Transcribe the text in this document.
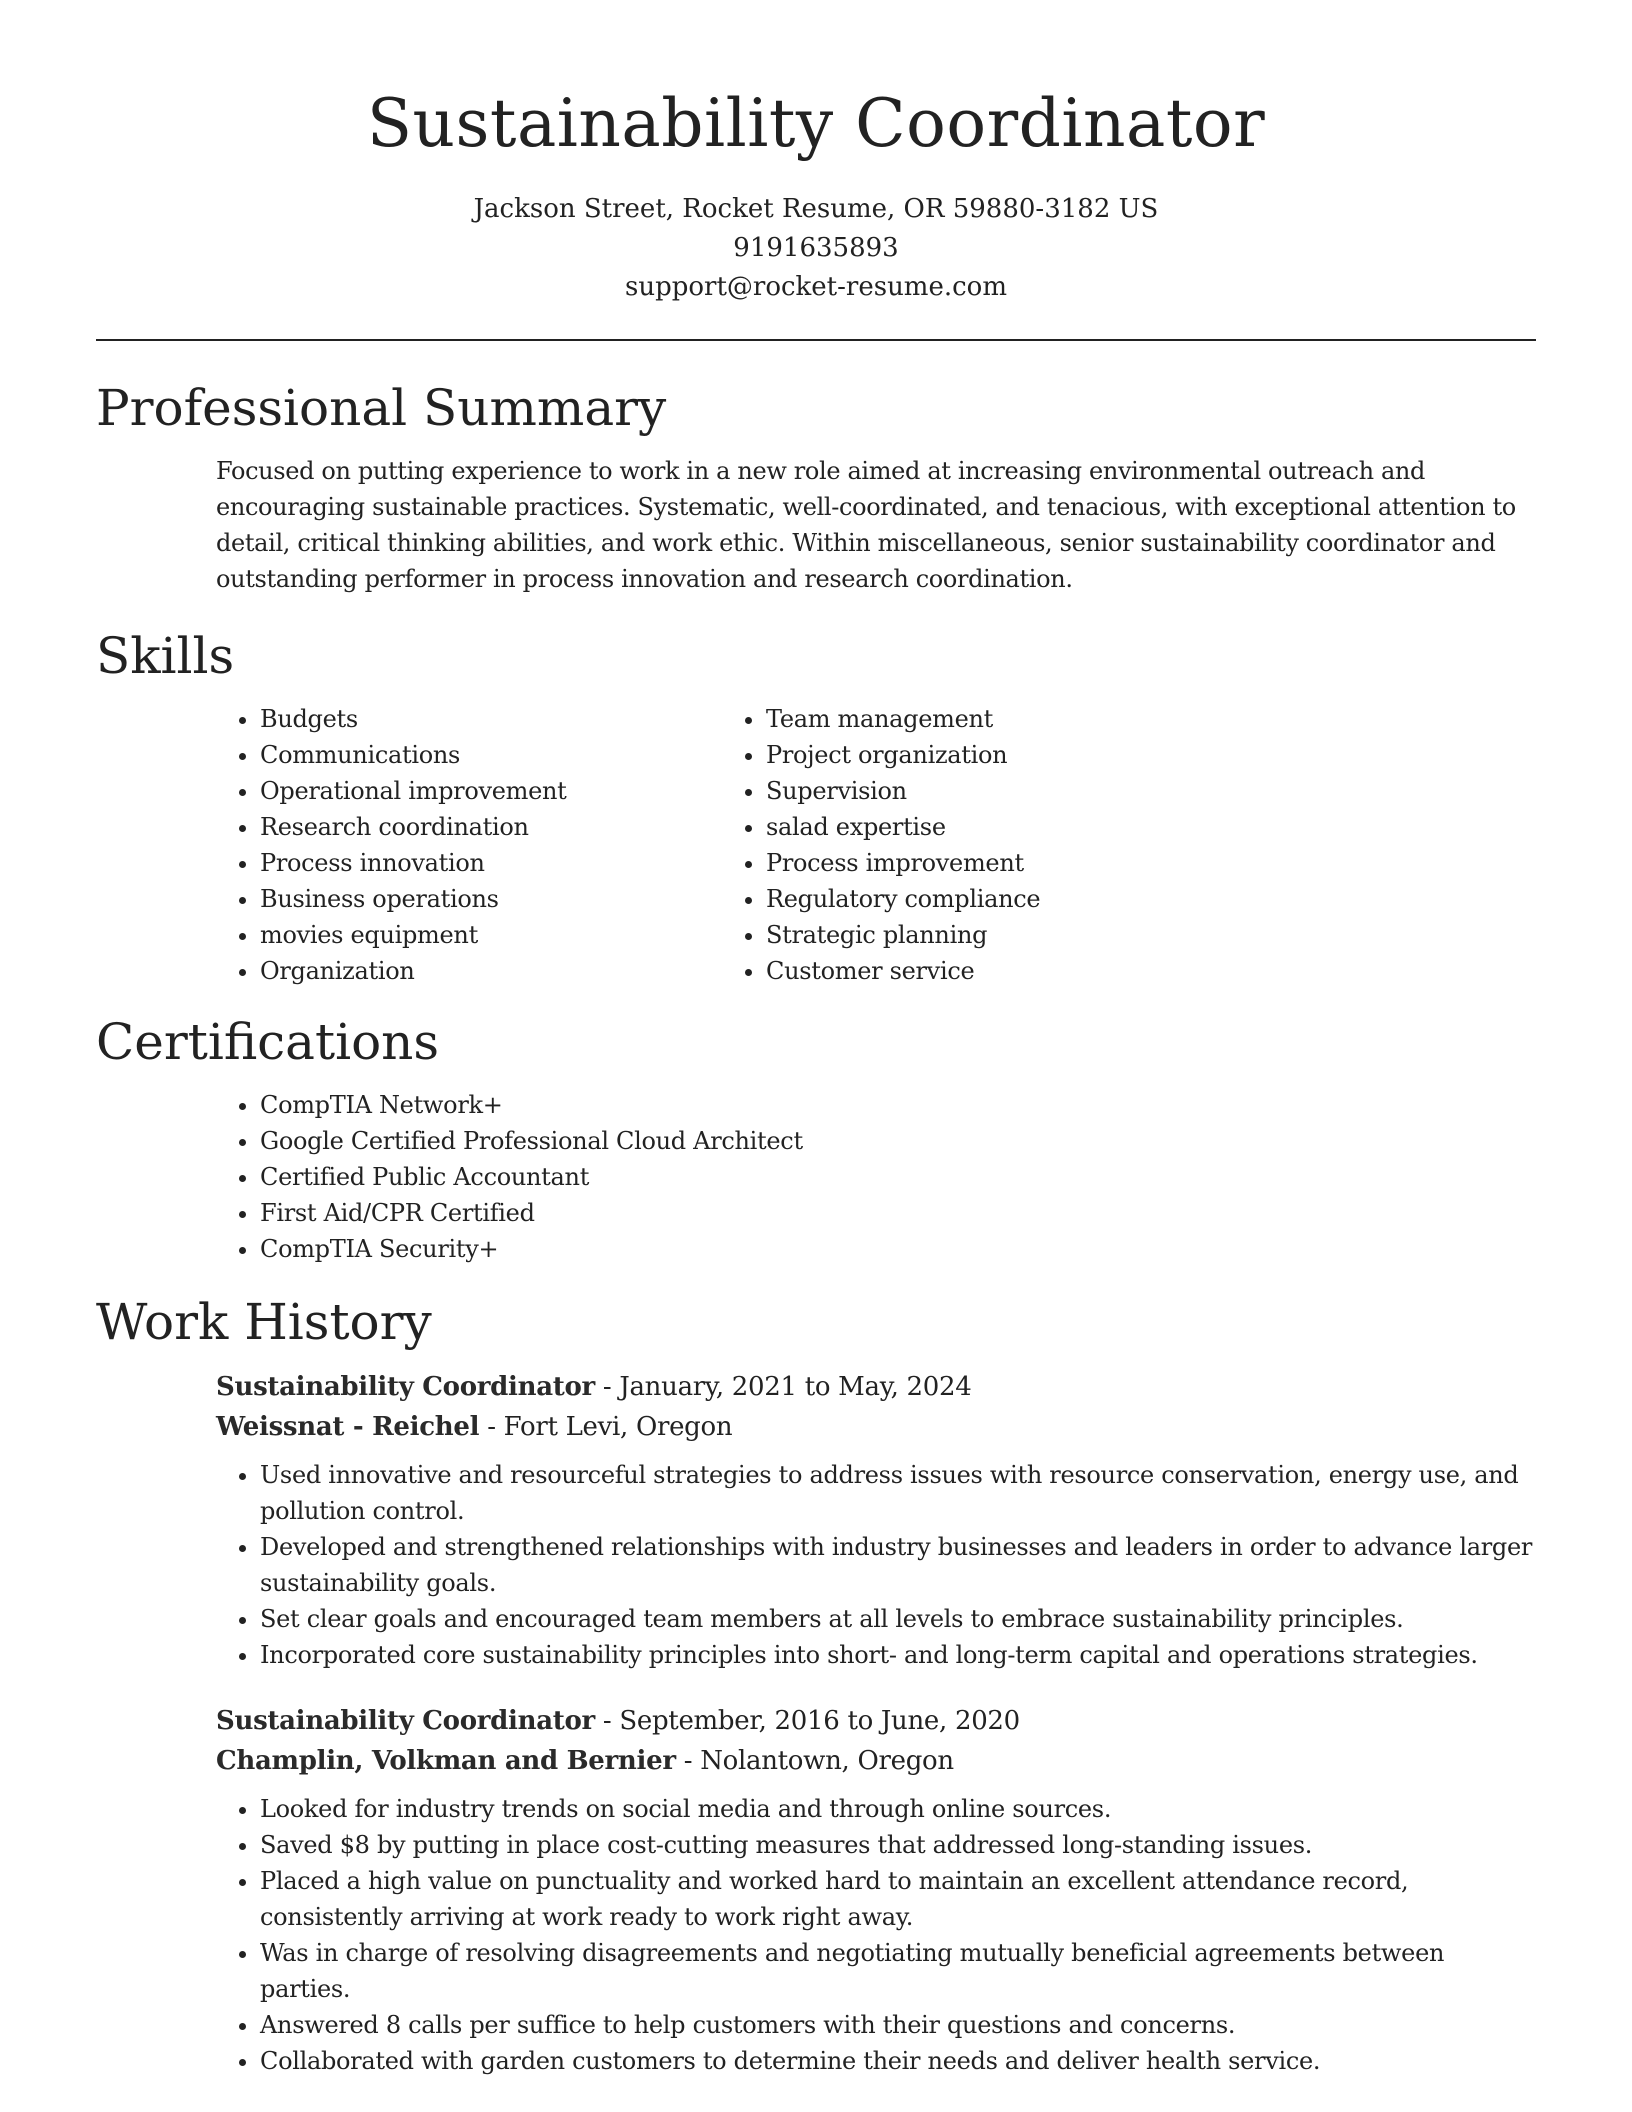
Sustainability Coordinator
Jackson Street, Rocket Resume, OR 59880-3182 US
9191635893
support@rocket-resume.com
Professional Summary

Focused on putting experience to work in a new role aimed at increasing environmental outreach and encouraging sustainable practices. Systematic, well-coordinated, and tenacious, with exceptional attention to detail, critical thinking abilities, and work ethic. Within miscellaneous, senior sustainability coordinator and outstanding performer in process innovation and research coordination.

Skills
• Budgets
• Communications
• Operational improvement
• Research coordination
• Process innovation
• Business operations
• movies equipment
• Organization
• Team management
• Project organization
• Supervision
• salad expertise
• Process improvement
• Regulatory compliance
• Strategic planning
• Customer service
Certifications
• CompTIA Network+
• Google Certified Professional Cloud Architect
• Certified Public Accountant
• First Aid/CPR Certified
• CompTIA Security+
Work History
Sustainability Coordinator - January, 2021 to May, 2024
Weissnat - Reichel - Fort Levi, Oregon
• Used innovative and resourceful strategies to address issues with resource conservation, energy use, and pollution control.
• Developed and strengthened relationships with industry businesses and leaders in order to advance larger sustainability goals.
• Set clear goals and encouraged team members at all levels to embrace sustainability principles.
• Incorporated core sustainability principles into short- and long-term capital and operations strategies.
Sustainability Coordinator - September, 2016 to June, 2020
Champlin, Volkman and Bernier - Nolantown, Oregon
• Looked for industry trends on social media and through online sources.
• Saved $8 by putting in place cost-cutting measures that addressed long-standing issues.
• Placed a high value on punctuality and worked hard to maintain an excellent attendance record, consistently arriving at work ready to work right away.
• Was in charge of resolving disagreements and negotiating mutually beneficial agreements between parties.
• Answered 8 calls per suffice to help customers with their questions and concerns.
• Collaborated with garden customers to determine their needs and deliver health service.
